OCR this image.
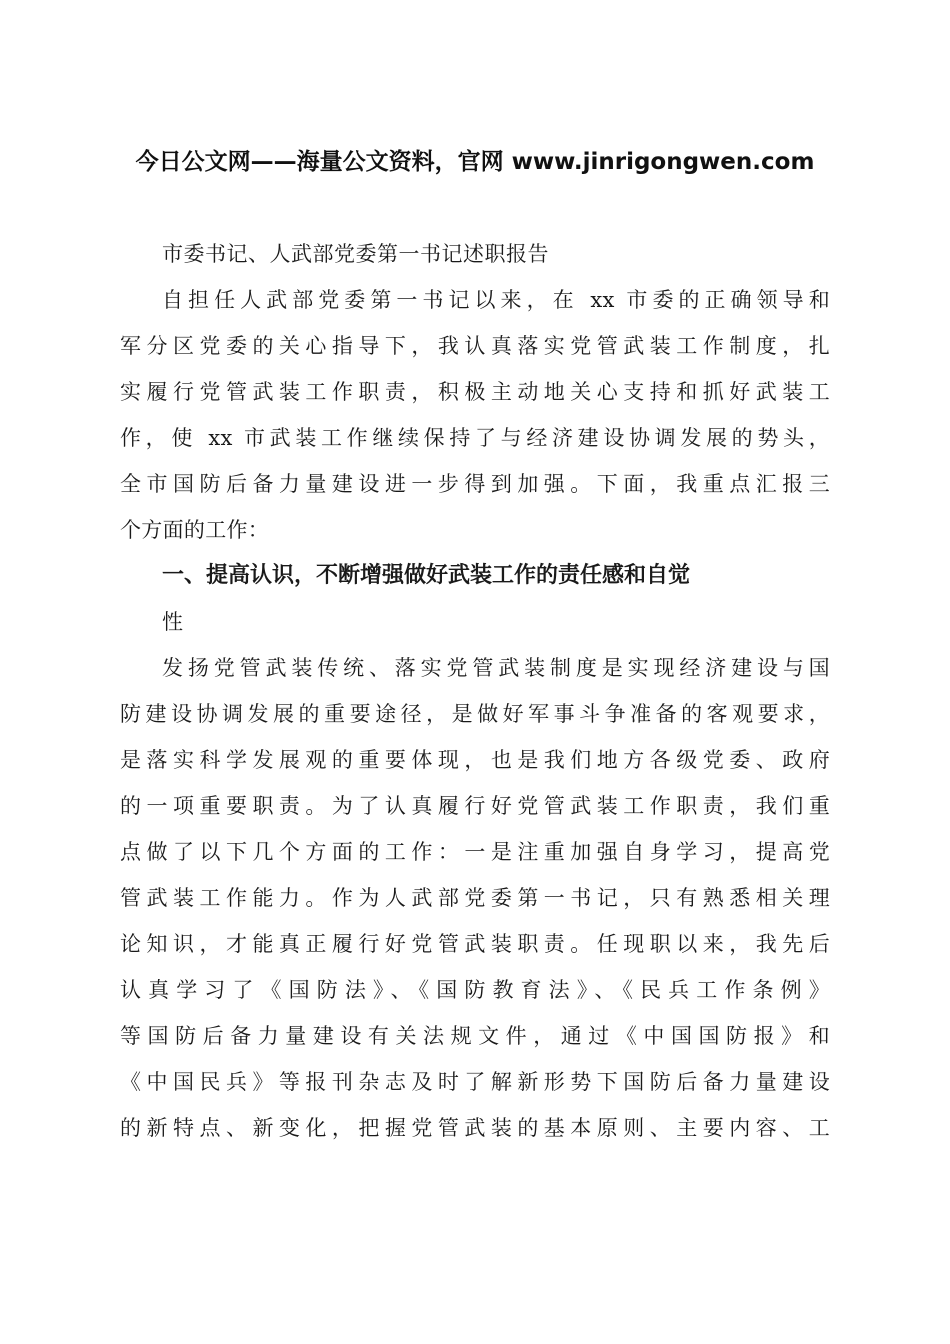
今日公文网——海量公文资料，官网 www.jinrigongwen.com
市委书记、人武部党委第一书记述职报告

自担任人武部党委第一书记以来，在 xx 市委的正确领导和
军分区党委的关心指导下，我认真落实党管武装工作制度，扎
实履行党管武装工作职责，积极主动地关心支持和抓好武装工
作，使 xx 市武装工作继续保持了与经济建设协调发展的势头，
全市国防后备力量建设进一步得到加强。下面，我重点汇报三
个方面的工作：

一、提高认识，不断增强做好武装工作的责任感和自觉
性

发扬党管武装传统、落实党管武装制度是实现经济建设与国
防建设协调发展的重要途径，是做好军事斗争准备的客观要求，
是落实科学发展观的重要体现，也是我们地方各级党委、政府
的一项重要职责。为了认真履行好党管武装工作职责，我们重
点做了以下几个方面的工作：一是注重加强自身学习，提高党
管武装工作能力。作为人武部党委第一书记，只有熟悉相关理
论知识，才能真正履行好党管武装职责。任现职以来，我先后
认真学习了《国防法》、《国防教育法》、《民兵工作条例》
等国防后备力量建设有关法规文件，通过《中国国防报》和
《中国民兵》等报刊杂志及时了解新形势下国防后备力量建设
的新特点、新变化，把握党管武装的基本原则、主要内容、工
